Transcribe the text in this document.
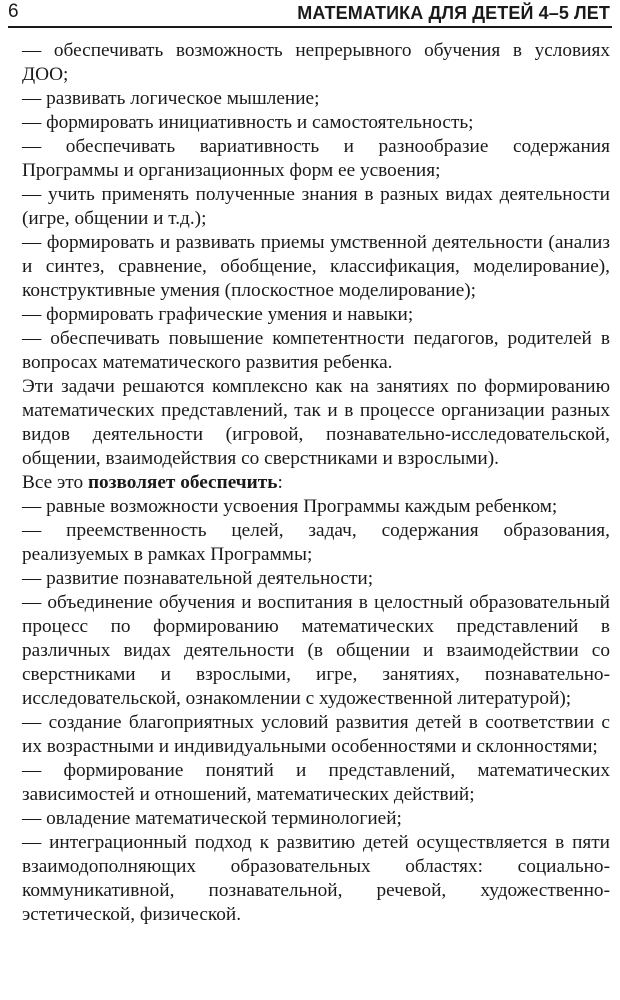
6	МАТЕМАТИКА ДЛЯ ДЕТЕЙ 4–5 ЛЕТ

— обеспечивать возможность непрерывного обучения в условиях ДОО;

— развивать логическое мышление;

— формировать инициативность и самостоятельность;

— обеспечивать вариативность и разнообразие содержания Программы и организационных форм ее усвоения;

— учить применять полученные знания в разных видах деятельности (игре, общении и т.д.);

— формировать и развивать приемы умственной деятельности (анализ и синтез, сравнение, обобщение, классификация, моделирование), конструктивные умения (плоскостное моделирование);

— формировать графические умения и навыки;

— обеспечивать повышение компетентности педагогов, родителей в вопросах математического развития ребенка.

Эти задачи решаются комплексно как на занятиях по формированию математических представлений, так и в процессе организации разных видов деятельности (игровой, познавательно-исследовательской, общении, взаимодействия со сверстниками и взрослыми).

Все это позволяет обеспечить:

— равные возможности усвоения Программы каждым ребенком;

— преемственность целей, задач, содержания образования, реализуемых в рамках Программы;

— развитие познавательной деятельности;

— объединение обучения и воспитания в целостный образовательный процесс по формированию математических представлений в различных видах деятельности (в общении и взаимодействии со сверстниками и взрослыми, игре, занятиях, познавательно-исследовательской, ознакомлении с художественной литературой);

— создание благоприятных условий развития детей в соответствии с их возрастными и индивидуальными особенностями и склонностями;

— формирование понятий и представлений, математических зависимостей и отношений, математических действий;

— овладение математической терминологией;

— интеграционный подход к развитию детей осуществляется в пяти взаимодополняющих образовательных областях: социально-коммуникативной, познавательной, речевой, художественно-эстетической, физической.
